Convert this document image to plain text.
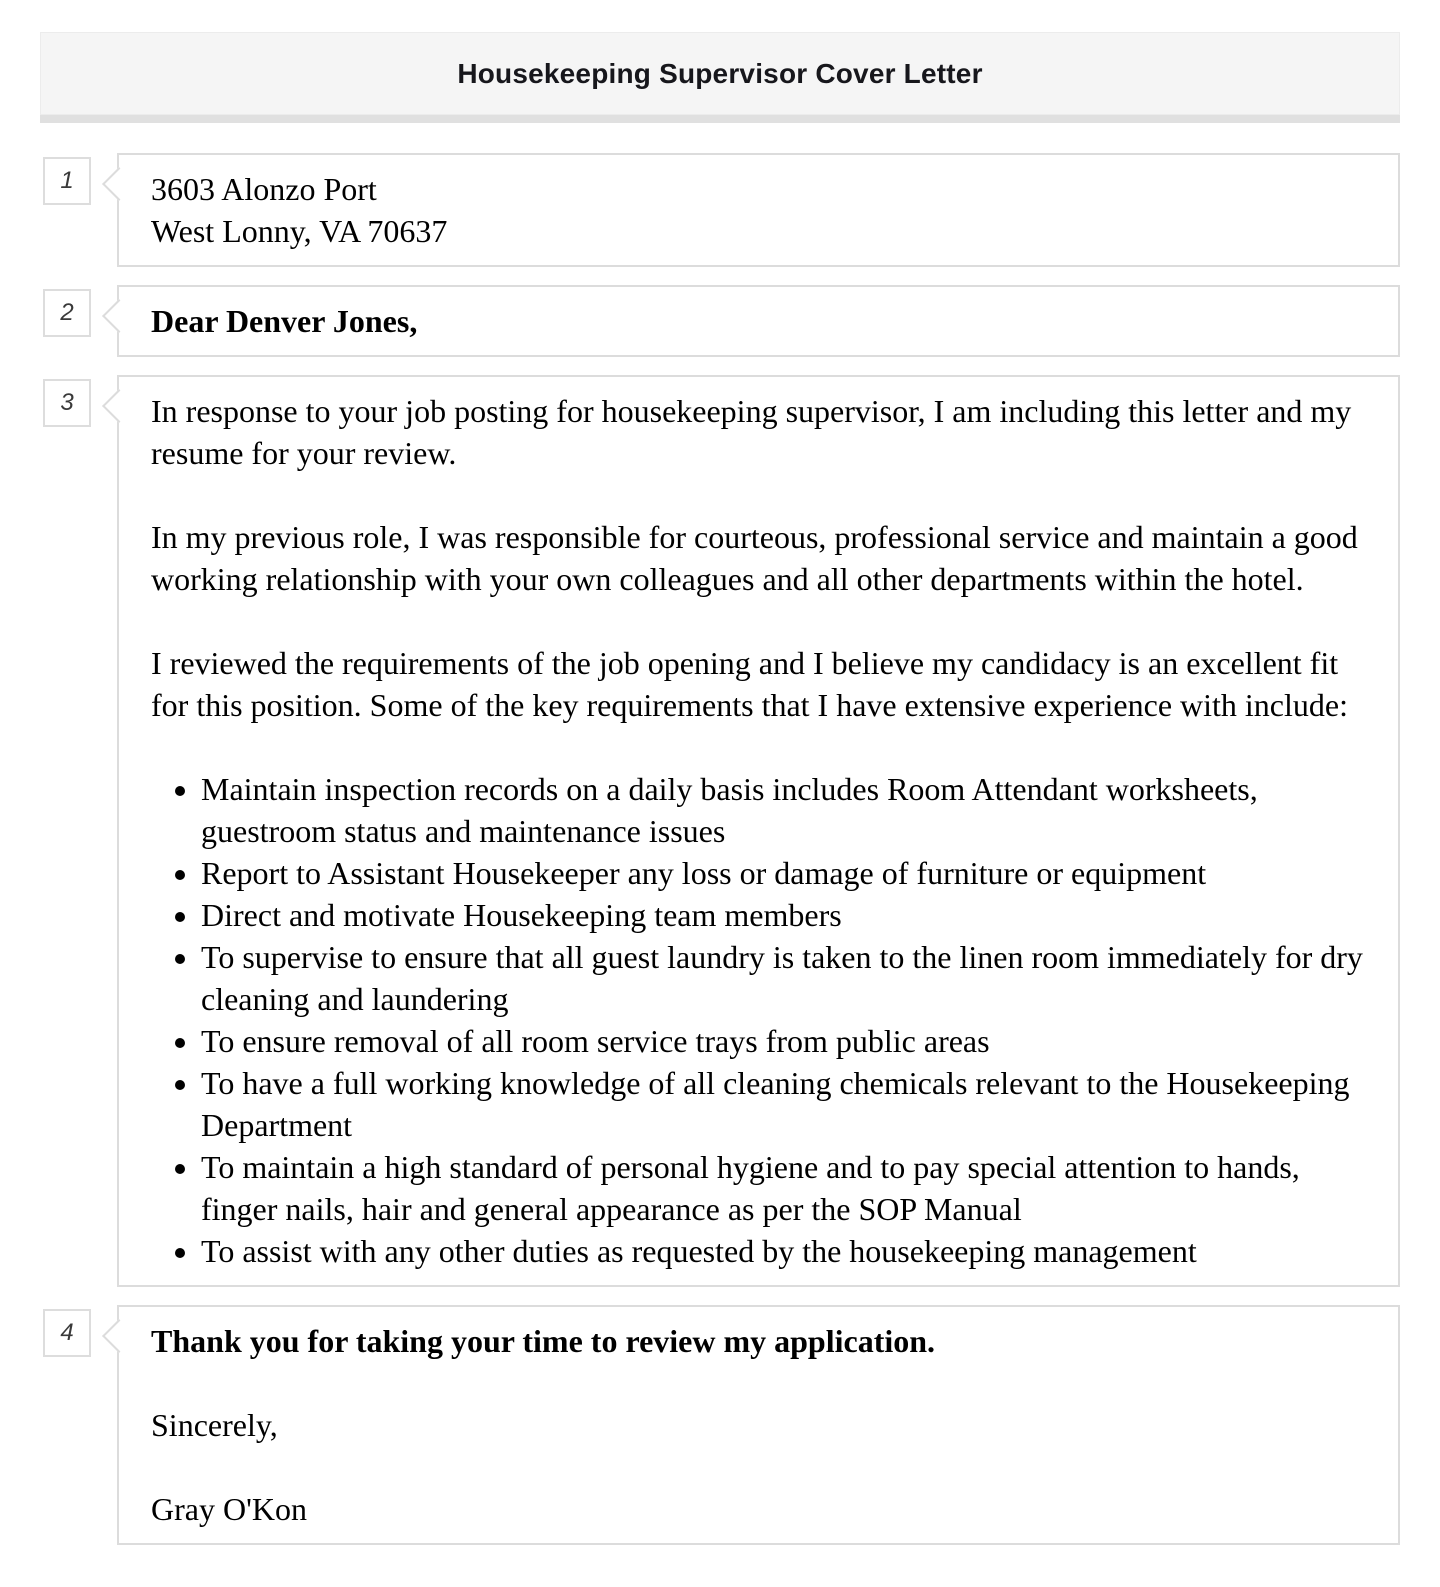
Housekeeping Supervisor Cover Letter
1 3603 Alonzo Port

West Lonny, VA 70637

2 Dear Denver Jones,

3 In response to your job posting for housekeeping supervisor, I am including this letter and my resume for your review.

In my previous role, I was responsible for courteous, professional service and maintain a good working relationship with your own colleagues and all other departments within the hotel.

I reviewed the requirements of the job opening and I believe my candidacy is an excellent fit for this position. Some of the key requirements that I have extensive experience with include:

• Maintain inspection records on a daily basis includes Room Attendant worksheets, guestroom status and maintenance issues
• Report to Assistant Housekeeper any loss or damage of furniture or equipment
• Direct and motivate Housekeeping team members
• To supervise to ensure that all guest laundry is taken to the linen room immediately for dry cleaning and laundering
• To ensure removal of all room service trays from public areas
• To have a full working knowledge of all cleaning chemicals relevant to the Housekeeping Department
• To maintain a high standard of personal hygiene and to pay special attention to hands, finger nails, hair and general appearance as per the SOP Manual
• To assist with any other duties as requested by the housekeeping management
4 Thank you for taking your time to review my application.

Sincerely,

Gray O'Kon
